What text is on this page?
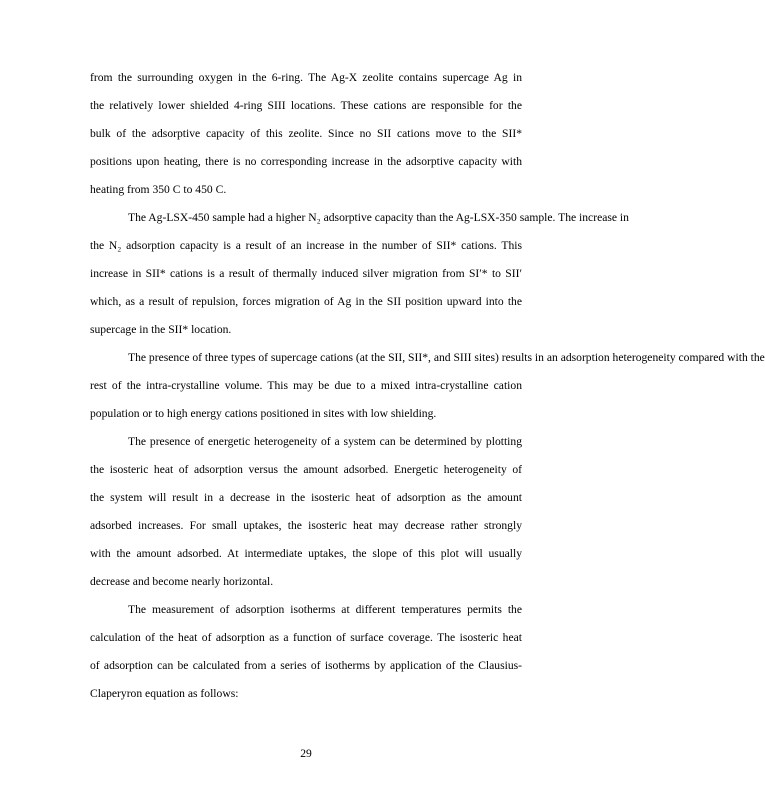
from the surrounding oxygen in the 6-ring. The Ag-X zeolite contains supercage Ag in
the relatively lower shielded 4-ring SIII locations. These cations are responsible for the
bulk of the adsorptive capacity of this zeolite. Since no SII cations move to the SII*
positions upon heating, there is no corresponding increase in the adsorptive capacity with
heating from 350 C to 450 C.
The Ag-LSX-450 sample had a higher N₂ adsorptive capacity than the Ag-LSX-350 sample. The increase in
the N₂ adsorption capacity is a result of an increase in the number of SII* cations. This
increase in SII* cations is a result of thermally induced silver migration from SI′* to SII′
which, as a result of repulsion, forces migration of Ag in the SII position upward into the
supercage in the SII* location.
The presence of three types of supercage cations (at the SII, SII*, and SIII sites) results in an adsorption heterogeneity compared with the
rest of the intra-crystalline volume. This may be due to a mixed intra-crystalline cation
population or to high energy cations positioned in sites with low shielding.
The presence of energetic heterogeneity of a system can be determined by plotting
the isosteric heat of adsorption versus the amount adsorbed. Energetic heterogeneity of
the system will result in a decrease in the isosteric heat of adsorption as the amount
adsorbed increases. For small uptakes, the isosteric heat may decrease rather strongly
with the amount adsorbed. At intermediate uptakes, the slope of this plot will usually
decrease and become nearly horizontal.
The measurement of adsorption isotherms at different temperatures permits the
calculation of the heat of adsorption as a function of surface coverage. The isosteric heat
of adsorption can be calculated from a series of isotherms by application of the Clausius-
Claperyron equation as follows:
29
